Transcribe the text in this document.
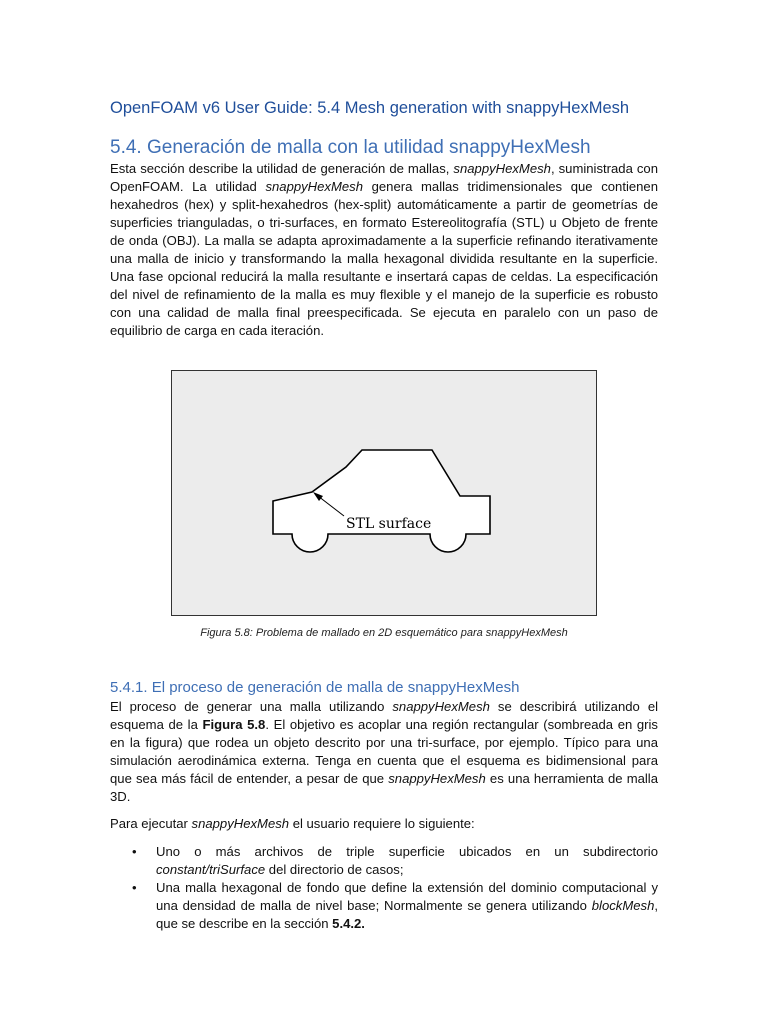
OpenFOAM v6 User Guide: 5.4 Mesh generation with snappyHexMesh
5.4. Generación de malla con la utilidad snappyHexMesh
Esta sección describe la utilidad de generación de mallas, snappyHexMesh, suministrada con OpenFOAM. La utilidad snappyHexMesh genera mallas tridimensionales que contienen hexahedros (hex) y split-hexahedros (hex-split) automáticamente a partir de geometrías de superficies trianguladas, o tri-surfaces, en formato Estereolitografía (STL) u Objeto de frente de onda (OBJ). La malla se adapta aproximadamente a la superficie refinando iterativamente una malla de inicio y transformando la malla hexagonal dividida resultante en la superficie. Una fase opcional reducirá la malla resultante e insertará capas de celdas. La especificación del nivel de refinamiento de la malla es muy flexible y el manejo de la superficie es robusto con una calidad de malla final preespecificada. Se ejecuta en paralelo con un paso de equilibrio de carga en cada iteración.
STL surface
Figura 5.8: Problema de mallado en 2D esquemático para snappyHexMesh
5.4.1. El proceso de generación de malla de snappyHexMesh
El proceso de generar una malla utilizando snappyHexMesh se describirá utilizando el esquema de la Figura 5.8. El objetivo es acoplar una región rectangular (sombreada en gris en la figura) que rodea un objeto descrito por una tri-surface, por ejemplo. Típico para una simulación aerodinámica externa. Tenga en cuenta que el esquema es bidimensional para que sea más fácil de entender, a pesar de que snappyHexMesh es una herramienta de malla 3D.
Para ejecutar snappyHexMesh el usuario requiere lo siguiente:
• Uno o más archivos de triple superficie ubicados en un subdirectorio constant/triSurface del directorio de casos;
• Una malla hexagonal de fondo que define la extensión del dominio computacional y una densidad de malla de nivel base; Normalmente se genera utilizando blockMesh, que se describe en la sección 5.4.2.
